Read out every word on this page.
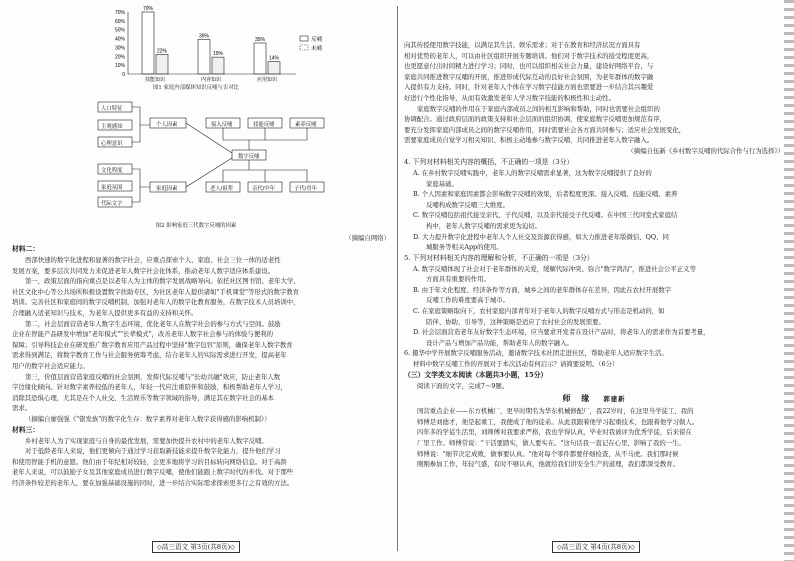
70%
22%
39%
19%
35%
14%
0
10%
20%
30%
40%
50%
60%
70%
技能知识	内容知识	应用知识
反哺
未哺
图1 家庭内部媒体知识反哺与否对比
人口特征
主观感知
心理意识
文化程度
家庭氛围
代际文字
个人因素
家庭因素
数字反哺
接入反哺	技能反哺	素养反哺
老人/祖辈	亲代/中年	子代/青年
图2 影响家庭三代数字反哺的因素
（摘编自网络）
材料二：

西部快速的数字化进程和显著的数字社会，应重点探索个人、家庭、社会三位一体的适老性

发展方案，要多层次共同发力来促进老年人数字社会化体系，推动老年人数字适应体系建设。

第一，政策层面的指向重点是以老年人为主体的数字发展战略导向。依托社区图书馆、老年大学、

社区文化中心等公共场所积极设置数字扶助专区，为社区老年人提供诸如"手机课堂"等形式的数字教育

培训。完善社区和家庭间的数字反哺机制，加强对老年人的数字化教育服务，在数字技术人员培训中，

合理融入适老知识与技术，为老年人提供更多有益的支持和关怀。

第二，社会层面营造老年人数字生态环境，优化老年人在数字社会的参与方式与空间。鼓励

企业在智能产品研发中增加"老年模式""长辈模式"，改善老年人数字社会参与的体验与便利的

保障；引导科技企业在研发推广数字教育应用产品过程中坚持"数字包容"原则，确保老年人数字教育

需求得到满足，将数字教育工作与社会服务统筹考虑，结合老年人的实际需求进行开发，提高老年

用户的数字社会适应能力。

第三，价值层面营造家庭反哺的社会氛围，发挥代际反哺与"长幼共融"效应，防止老年人数

字边缘化倾向。针对数字素养较低的老年人，年轻一代应注重陪伴和鼓励，积极帮助老年人学习，

消除其恐惧心理，尤其是在个人社交、生活娱乐等数字领域的指导，满足其在数字社会的基本

需求。

（摘编自廖强强《"银发族"的数字化生存：数字素养对老年人数字获得感的影响机制》）
材料三：

乡村老年人为了实现家庭与自身的最优发展，需要加快提升农村中的老年人数字反哺。

对于低龄老年人来说，他们更倾向于通过学习获取新技能来提升数字化能力，提升他们学习

和使用智能手机的意愿。他们由于年纪相对较轻，会更多地将学习的目标转向网络信息。对于高龄

老年人来说，可以鼓励子女及其他家庭成员进行数字反哺，使他们能跟上数字时代的步伐。对于那些

经济条件较差的老年人，要在加强基础设施的同时，进一步结合实际需求探索更多行之有效的方法。

◇高三语文 第3页(共8页)◇

向其传授使用数字技能，以满足其生活、娱乐需求；对于在教育和经济状况方面具有

相对优势的老年人，可以由社区组织开展专题培训。他们对于数字技术的接受程度更高，

也更愿意付出时间精力进行学习；同时，也可以组织相关社会力量，建设好网络平台，与

家庭共同推进数字反哺的开展，推进形成代际互动的良好社会氛围，为老年群体的数字融

入提供有力支持。同时，针对老年人个体在学习数字技能方面也需要进一步结合其兴趣爱

好进行个性化指导，从而有效激发老年人学习数字技能的积极性和主动性。

家庭数字反哺的作用在于家庭内部成员之间的相互影响和帮助，同时也需要社会组织的

协调配合。通过政府层面的政策支持和社会层面的组织协调，使家庭数字反哺更加规范有序，

要充分发挥家庭内部成员之间的数字反哺作用，同时需要社会各方面共同参与；适应社会发展变化，

需要家庭成员自觉学习相关知识、积极主动地参与数字反哺，共同推进老年人数字融入。

（摘编自伍新《乡村数字反哺的代际合作与行为选择》）
4. 下列对材料相关内容的概括，不正确的一项是（3分）

A. 在乡村数字反哺实践中，老年人的数字反哺需求显著，这为数字反哺提供了良好的

家庭基础。

B. 个人因素和家庭因素都会影响数字反哺的效果，后者程度更深。接入反哺、技能反哺、素养

反哺构成数字反哺三大维度。

C. 数字反哺包括祖代接受亲代、子代反哺，以及亲代接受子代反哺。在中国三代同堂式家庭结

构中，老年人数字反哺的需求更为迫切。

D. 大力提升数字化进程中老年人个人社交及资源获得感，如大力推进老年版微信、QQ、同

城服务等相关App的使用。

5. 下列对材料相关内容的理解和分析，不正确的一项是（3分）

A. 数字反哺体现了社会对于老年群体的关爱，缓解代际冲突、弥合"数字鸿沟"，推进社会公平正义等

方面具有重要的作用。

B. 由于年文化程度、经济条件等方面，城乡之间的老年群体存在差异，因此在农村开展数字

反哺工作的难度要高于城市。

C. 在家庭策略取向下，农村家庭内部青年对于老年人的数字反哺方式与形态是机动的，如

陪伴、协助、引导等，这种策略是适应了农村社会的发展需要。

D. 社会层面营造老年友好数字生态环境，应当要求开发者在设计产品时，将老年人的需求作为首要考量，

设计产品与增加产品功能，帮助老年人的数字融入。

6. 摄华中学开展数字反哺服务活动，邀请数字技术社团走进社区，帮助老年人适应数字生活。

材料中数字反哺工作的开展对于本次活动有何启示？请简要说明。（6分）

（三）文学类文本阅读（本题共3小题，15分）

阅读下面的文字，完成7～9题。

师 缘 郭建新

国营重点企业——东方机械厂，更早时期名为华东机械修配厂，我22岁时，在这里当学徒工，我的

师傅是刘德才，他是起重工，我便成了他的徒弟。从此我跟着他学习起重技术，也跟着他学习做人。

四年多的学徒生活里，刘师傅对我要求严格，我也学得认真，毕业时我被评为优秀学徒，后来留在

厂里工作。师傅常说："干活要踏实，做人要实在。"这句话我一直记在心里，影响了我的一生。

师傅说："细节决定成败，做事要认真。"他对每个零件都要仔细检查，从不马虎。我们那时候

刚刚参加工作，年轻气盛，有时不够认真，他就给我们讲安全生产的道理，我们都深受教育。

◇高三语文 第4页(共8页)◇
